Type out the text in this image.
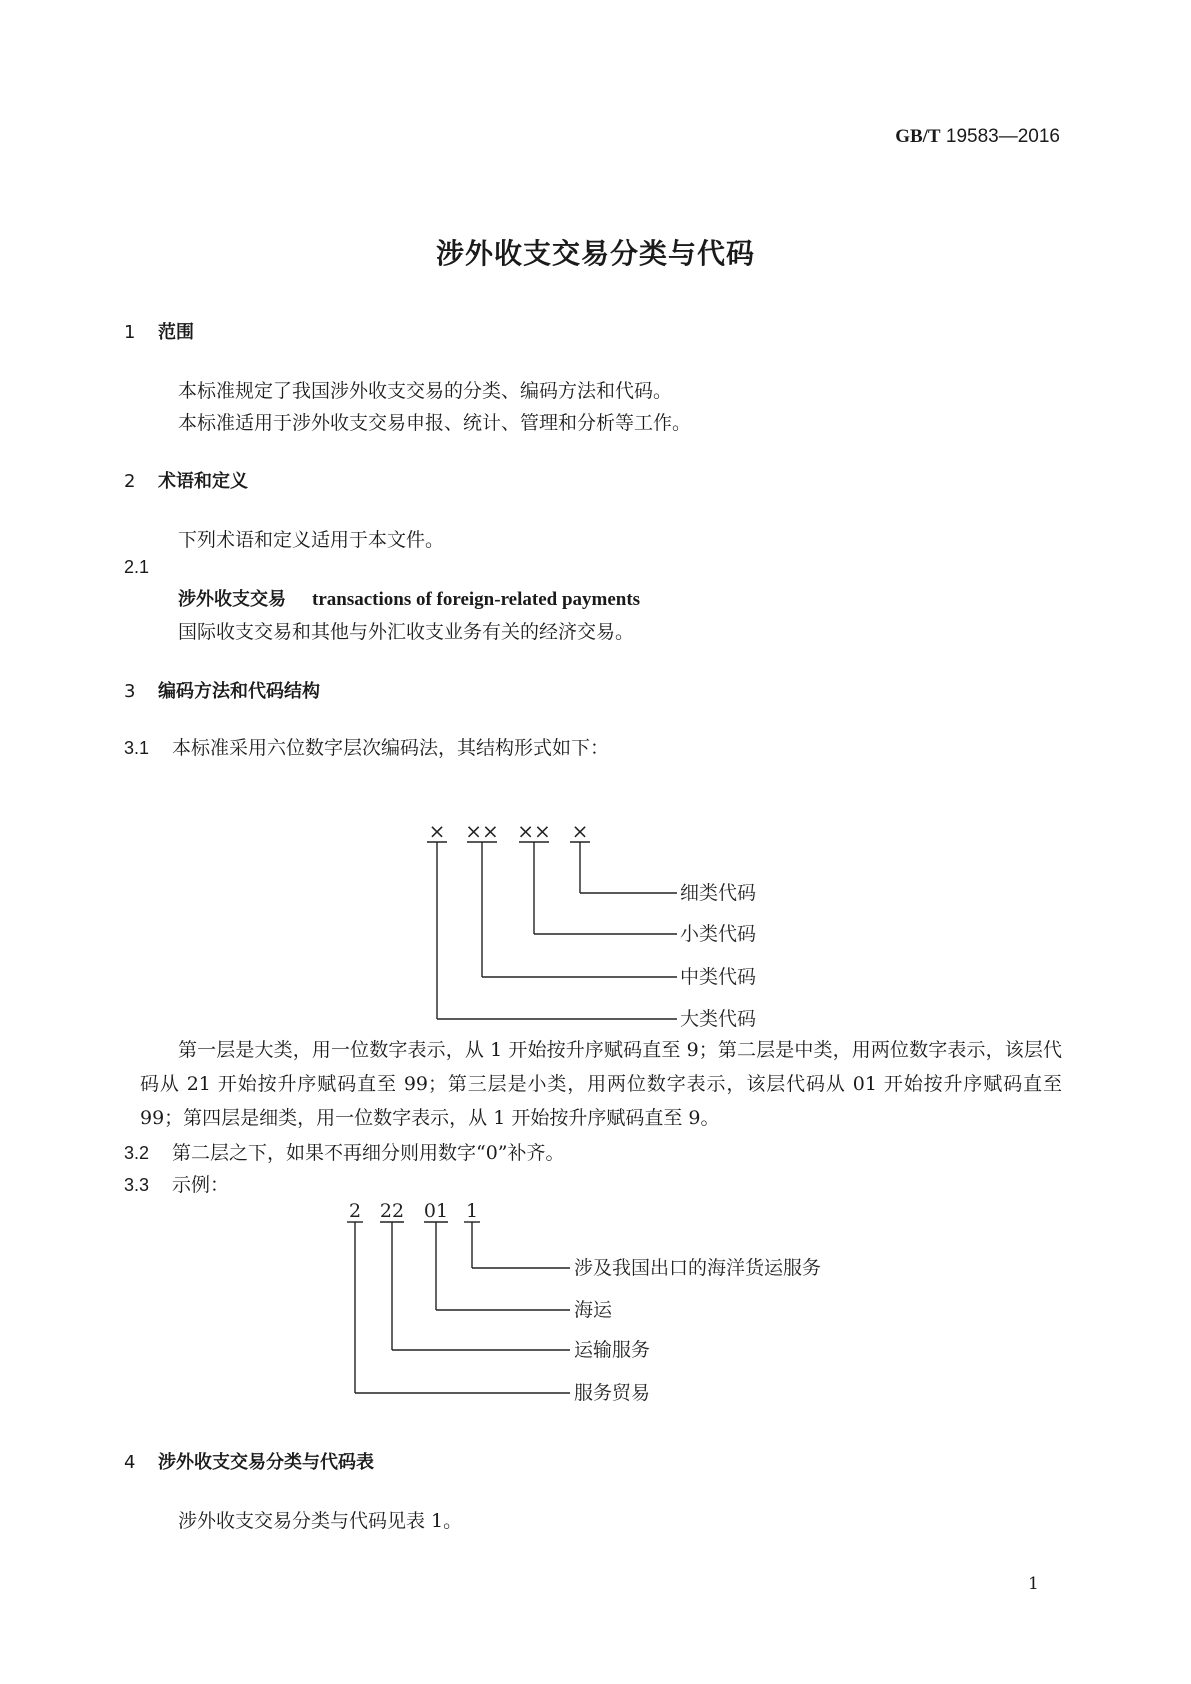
GB/T 19583—2016
涉外收支交易分类与代码
1 范围
本标准规定了我国涉外收支交易的分类、编码方法和代码。
本标准适用于涉外收支交易申报、统计、管理和分析等工作。
2 术语和定义
下列术语和定义适用于本文件。
2.1
涉外收支交易 transactions of foreign-related payments
国际收支交易和其他与外汇收支业务有关的经济交易。
3 编码方法和代码结构
3.1 本标准采用六位数字层次编码法，其结构形式如下：
× ×× ×× ×
细类代码
小类代码
中类代码
大类代码
2 22 01 1
涉及我国出口的海洋货运服务
海运
运输服务
服务贸易
第一层是大类，用一位数字表示，从 1 开始按升序赋码直至 9；第二层是中类，用两位数字表示，该层代码从 21 开始按升序赋码直至 99；第三层是小类，用两位数字表示，该层代码从 01 开始按升序赋码直至 99；第四层是细类，用一位数字表示，从 1 开始按升序赋码直至 9。
3.2 第二层之下，如果不再细分则用数字“0”补齐。
3.3 示例：
4 涉外收支交易分类与代码表
涉外收支交易分类与代码见表 1。
1
